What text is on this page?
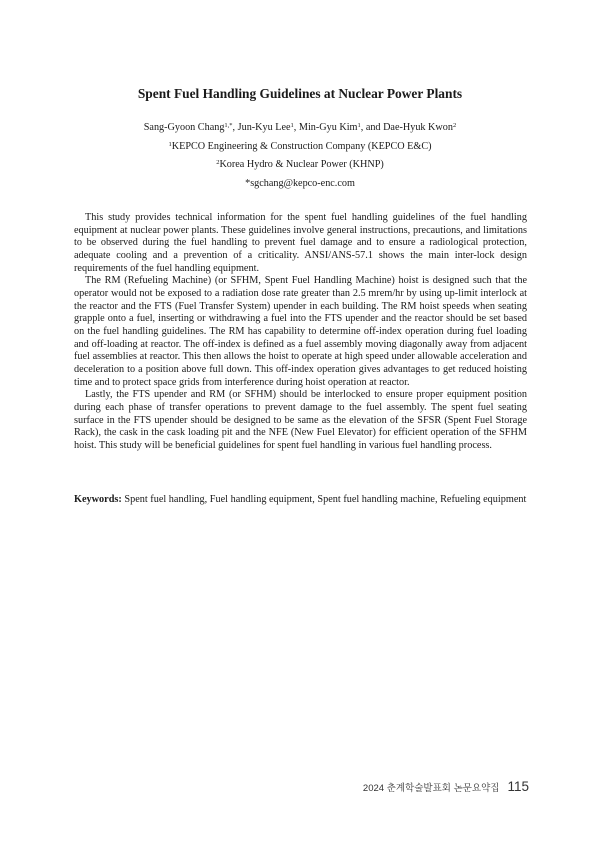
Spent Fuel Handling Guidelines at Nuclear Power Plants
Sang-Gyoon Chang$^{1,*}$, Jun-Kyu Lee$^1$, Min-Gyu Kim$^1$, and Dae-Hyuk Kwon$^2$
$^1$KEPCO Engineering & Construction Company (KEPCO E&C)
$^2$Korea Hydro & Nuclear Power (KHNP)
*sgchang@kepco-enc.com

This study provides technical information for the spent fuel handling guidelines of the fuel handling equipment at nuclear power plants. These guidelines involve general instructions, precautions, and limitations to be observed during the fuel handling to prevent fuel damage and to ensure a radiological protection, adequate cooling and a prevention of a criticality. ANSI/ANS-57.1 shows the main inter-lock design requirements of the fuel handling equipment.

The RM (Refueling Machine) (or SFHM, Spent Fuel Handling Machine) hoist is designed such that the operator would not be exposed to a radiation dose rate greater than 2.5 mrem/hr by using up-limit interlock at the reactor and the FTS (Fuel Transfer System) upender in each building. The RM hoist speeds when seating grapple onto a fuel, inserting or withdrawing a fuel into the FTS upender and the reactor should be set based on the fuel handling guidelines. The RM has capability to determine off-index operation during fuel loading and off-loading at reactor. The off-index is defined as a fuel assembly moving diagonally away from adjacent fuel assemblies at reactor. This then allows the hoist to operate at high speed under allowable acceleration and deceleration to a position above full down. This off-index operation gives advantages to get reduced hoisting time and to protect space grids from interference during hoist operation at reactor.

Lastly, the FTS upender and RM (or SFHM) should be interlocked to ensure proper equipment position during each phase of transfer operations to prevent damage to the fuel assembly. The spent fuel seating surface in the FTS upender should be designed to be same as the elevation of the SFSR (Spent Fuel Storage Rack), the cask in the cask loading pit and the NFE (New Fuel Elevator) for efficient operation of the SFHM hoist. This study will be beneficial guidelines for spent fuel handling in various fuel handling process.

Keywords: Spent fuel handling, Fuel handling equipment, Spent fuel handling machine, Refueling equipment
2024 춘계학술발표회 논문요약집 115
